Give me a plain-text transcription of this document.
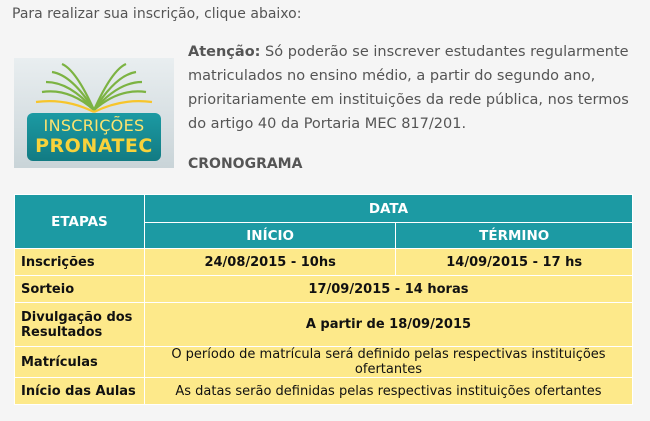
Para realizar sua inscrição, clique abaixo:
INSCRIÇÕES
PRONATEC
Atenção: Só poderão se inscrever estudantes regularmente matriculados no ensino médio, a partir do segundo ano, prioritariamente em instituições da rede pública, nos termos do artigo 40 da Portaria MEC 817/201.
CRONOGRAMA
ETAPAS	DATA	
	INÍCIO	TÉRMINO
Inscrições	24/08/2015 - 10hs	14/09/2015 - 17 hs
Sorteio	17/09/2015 - 14 horas	
Divulgação dos Resultados	A partir de 18/09/2015	
Matrículas	O período de matrícula será definido pelas respectivas instituições ofertantes	
Início das Aulas	As datas serão definidas pelas respectivas instituições ofertantes	
